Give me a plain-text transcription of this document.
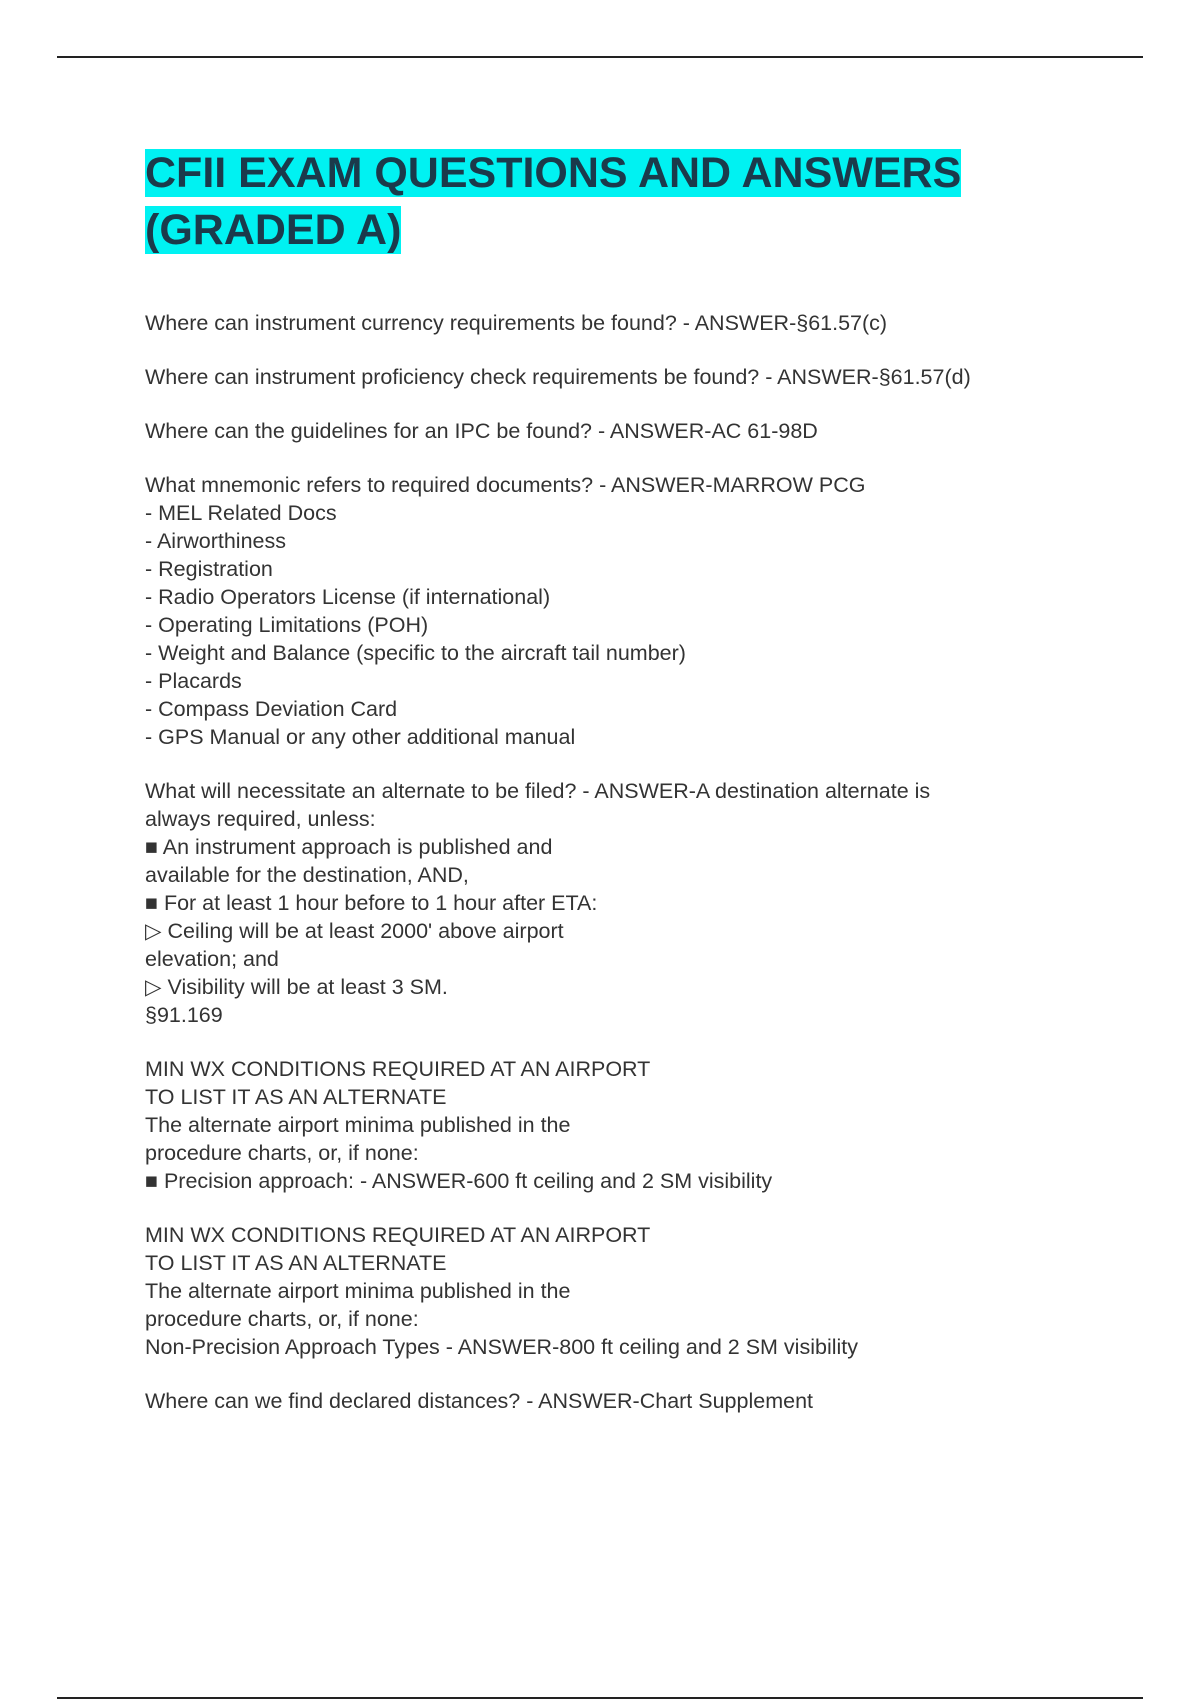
CFII EXAM QUESTIONS AND ANSWERS
(GRADED A)

Where can instrument currency requirements be found? - ANSWER-§61.57(c)

Where can instrument proficiency check requirements be found? - ANSWER-§61.57(d)

Where can the guidelines for an IPC be found? - ANSWER-AC 61-98D

What mnemonic refers to required documents? - ANSWER-MARROW PCG
- MEL Related Docs
- Airworthiness
- Registration
- Radio Operators License (if international)
- Operating Limitations (POH)
- Weight and Balance (specific to the aircraft tail number)
- Placards
- Compass Deviation Card
- GPS Manual or any other additional manual

What will necessitate an alternate to be filed? - ANSWER-A destination alternate is
always required, unless:
■ An instrument approach is published and
available for the destination, AND,
■ For at least 1 hour before to 1 hour after ETA:
▷ Ceiling will be at least 2000' above airport
elevation; and
▷ Visibility will be at least 3 SM.
§91.169

MIN WX CONDITIONS REQUIRED AT AN AIRPORT
TO LIST IT AS AN ALTERNATE
The alternate airport minima published in the
procedure charts, or, if none:
■ Precision approach: - ANSWER-600 ft ceiling and 2 SM visibility

MIN WX CONDITIONS REQUIRED AT AN AIRPORT
TO LIST IT AS AN ALTERNATE
The alternate airport minima published in the
procedure charts, or, if none:
Non-Precision Approach Types - ANSWER-800 ft ceiling and 2 SM visibility

Where can we find declared distances? - ANSWER-Chart Supplement
